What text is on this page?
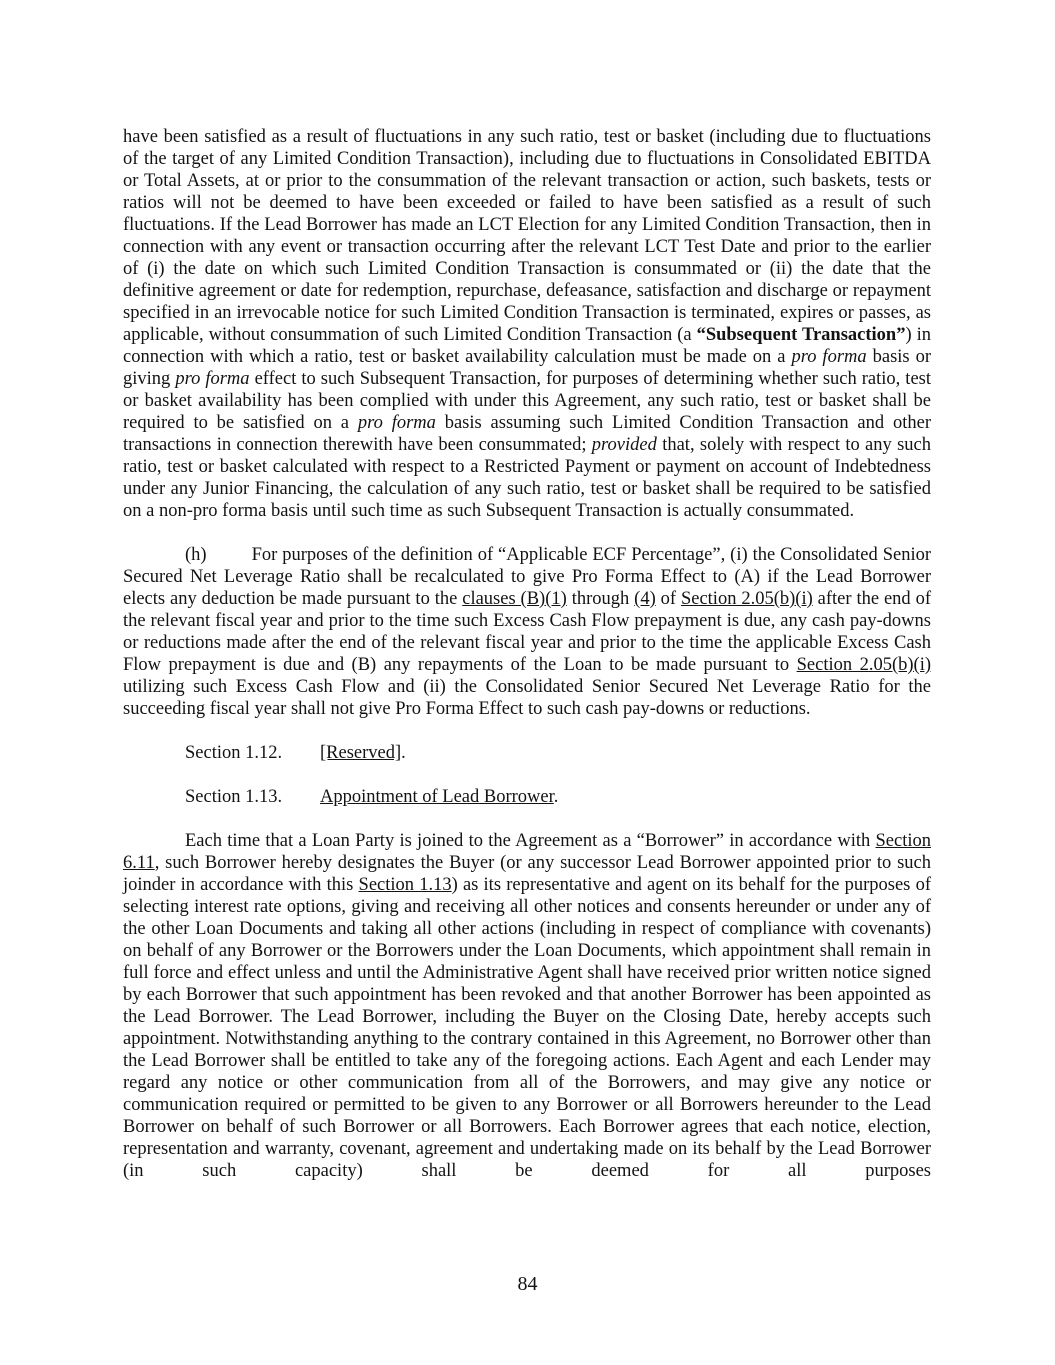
have been satisfied as a result of fluctuations in any such ratio, test or basket (including due to fluctuations of the target of any Limited Condition Transaction), including due to fluctuations in Consolidated EBITDA or Total Assets, at or prior to the consummation of the relevant transaction or action, such baskets, tests or ratios will not be deemed to have been exceeded or failed to have been satisfied as a result of such fluctuations. If the Lead Borrower has made an LCT Election for any Limited Condition Transaction, then in connection with any event or transaction occurring after the relevant LCT Test Date and prior to the earlier of (i) the date on which such Limited Condition Transaction is consummated or (ii) the date that the definitive agreement or date for redemption, repurchase, defeasance, satisfaction and discharge or repayment specified in an irrevocable notice for such Limited Condition Transaction is terminated, expires or passes, as applicable, without consummation of such Limited Condition Transaction (a “Subsequent Transaction”) in connection with which a ratio, test or basket availability calculation must be made on a pro forma basis or giving pro forma effect to such Subsequent Transaction, for purposes of determining whether such ratio, test or basket availability has been complied with under this Agreement, any such ratio, test or basket shall be required to be satisfied on a pro forma basis assuming such Limited Condition Transaction and other transactions in connection therewith have been consummated; provided that, solely with respect to any such ratio, test or basket calculated with respect to a Restricted Payment or payment on account of Indebtedness under any Junior Financing, the calculation of any such ratio, test or basket shall be required to be satisfied on a non-pro forma basis until such time as such Subsequent Transaction is actually consummated.

(h) For purposes of the definition of “Applicable ECF Percentage”, (i) the Consolidated Senior Secured Net Leverage Ratio shall be recalculated to give Pro Forma Effect to (A) if the Lead Borrower elects any deduction be made pursuant to the clauses (B)(1) through (4) of Section 2.05(b)(i) after the end of the relevant fiscal year and prior to the time such Excess Cash Flow prepayment is due, any cash pay-downs or reductions made after the end of the relevant fiscal year and prior to the time the applicable Excess Cash Flow prepayment is due and (B) any repayments of the Loan to be made pursuant to Section 2.05(b)(i) utilizing such Excess Cash Flow and (ii) the Consolidated Senior Secured Net Leverage Ratio for the succeeding fiscal year shall not give Pro Forma Effect to such cash pay-downs or reductions.

Section 1.12. [Reserved].

Section 1.13. Appointment of Lead Borrower.

Each time that a Loan Party is joined to the Agreement as a “Borrower” in accordance with Section 6.11, such Borrower hereby designates the Buyer (or any successor Lead Borrower appointed prior to such joinder in accordance with this Section 1.13) as its representative and agent on its behalf for the purposes of selecting interest rate options, giving and receiving all other notices and consents hereunder or under any of the other Loan Documents and taking all other actions (including in respect of compliance with covenants) on behalf of any Borrower or the Borrowers under the Loan Documents, which appointment shall remain in full force and effect unless and until the Administrative Agent shall have received prior written notice signed by each Borrower that such appointment has been revoked and that another Borrower has been appointed as the Lead Borrower. The Lead Borrower, including the Buyer on the Closing Date, hereby accepts such appointment. Notwithstanding anything to the contrary contained in this Agreement, no Borrower other than the Lead Borrower shall be entitled to take any of the foregoing actions. Each Agent and each Lender may regard any notice or other communication from all of the Borrowers, and may give any notice or communication required or permitted to be given to any Borrower or all Borrowers hereunder to the Lead Borrower on behalf of such Borrower or all Borrowers. Each Borrower agrees that each notice, election, representation and warranty, covenant, agreement and undertaking made on its behalf by the Lead Borrower (in such capacity) shall be deemed for all purposes

84
